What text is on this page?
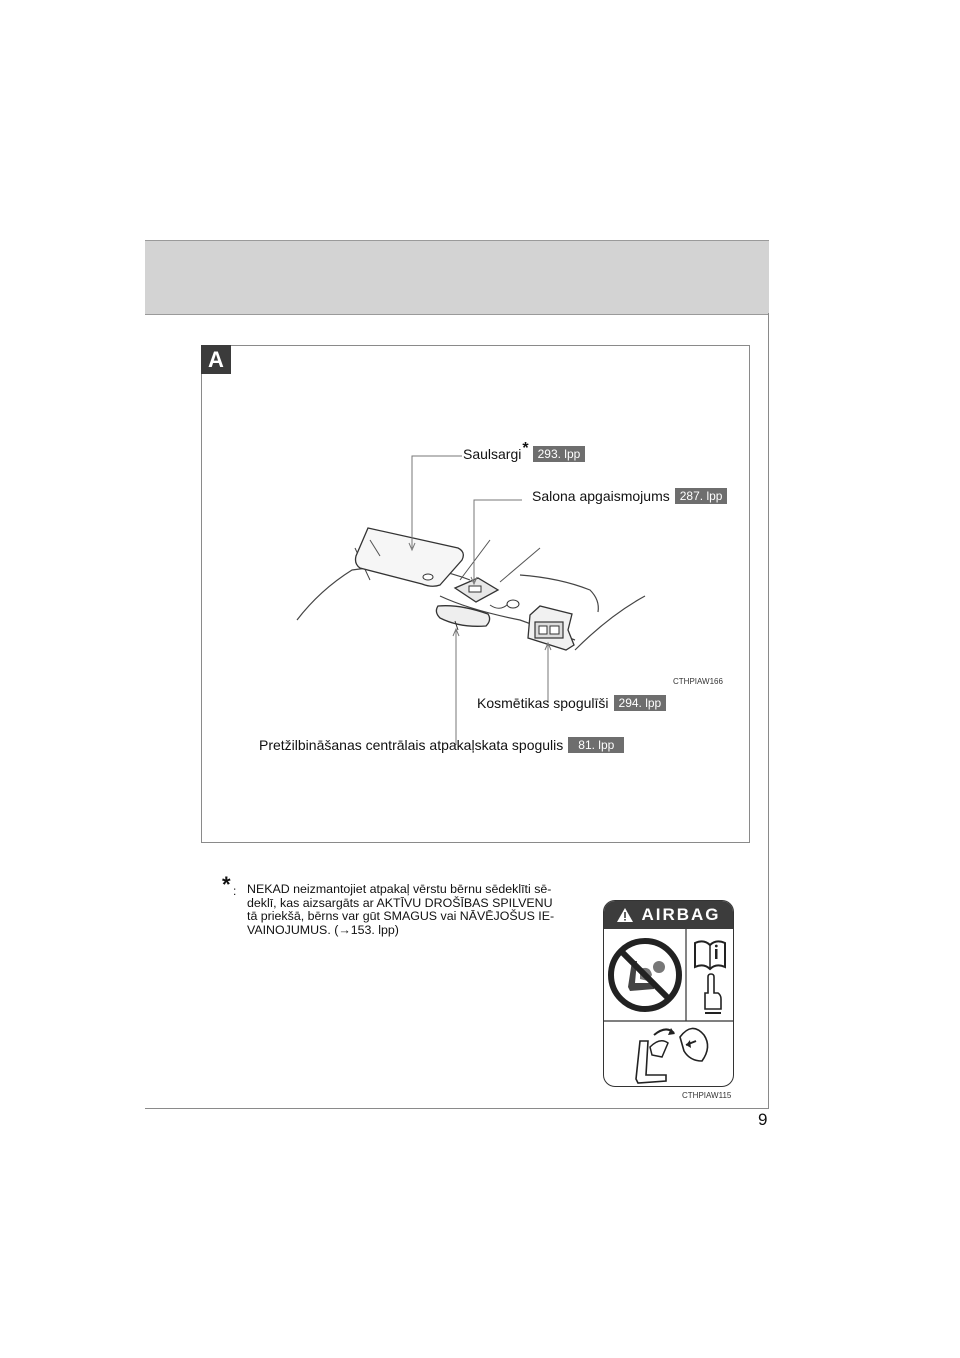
9
A
Saulsargi* 293. lpp
Salona apgaismojums 287. lpp
Kosmētikas spogulīši 294. lpp
Pretžilbināšanas centrālais atpakaļskata spogulis	81. lpp
CTHPIAW166
* : NEKAD neizmantojiet atpakaļ vērstu bērnu sēdeklīti sē-
deklī, kas aizsargāts ar AKTĪVU DROŠĪBAS SPILVENU
tā priekšā, bērns var gūt SMAGUS vai NĀVĒJOŠUS IE-
VAINOJUMUS. (→153. lpp)
AIRBAG
CTHPIAW115
